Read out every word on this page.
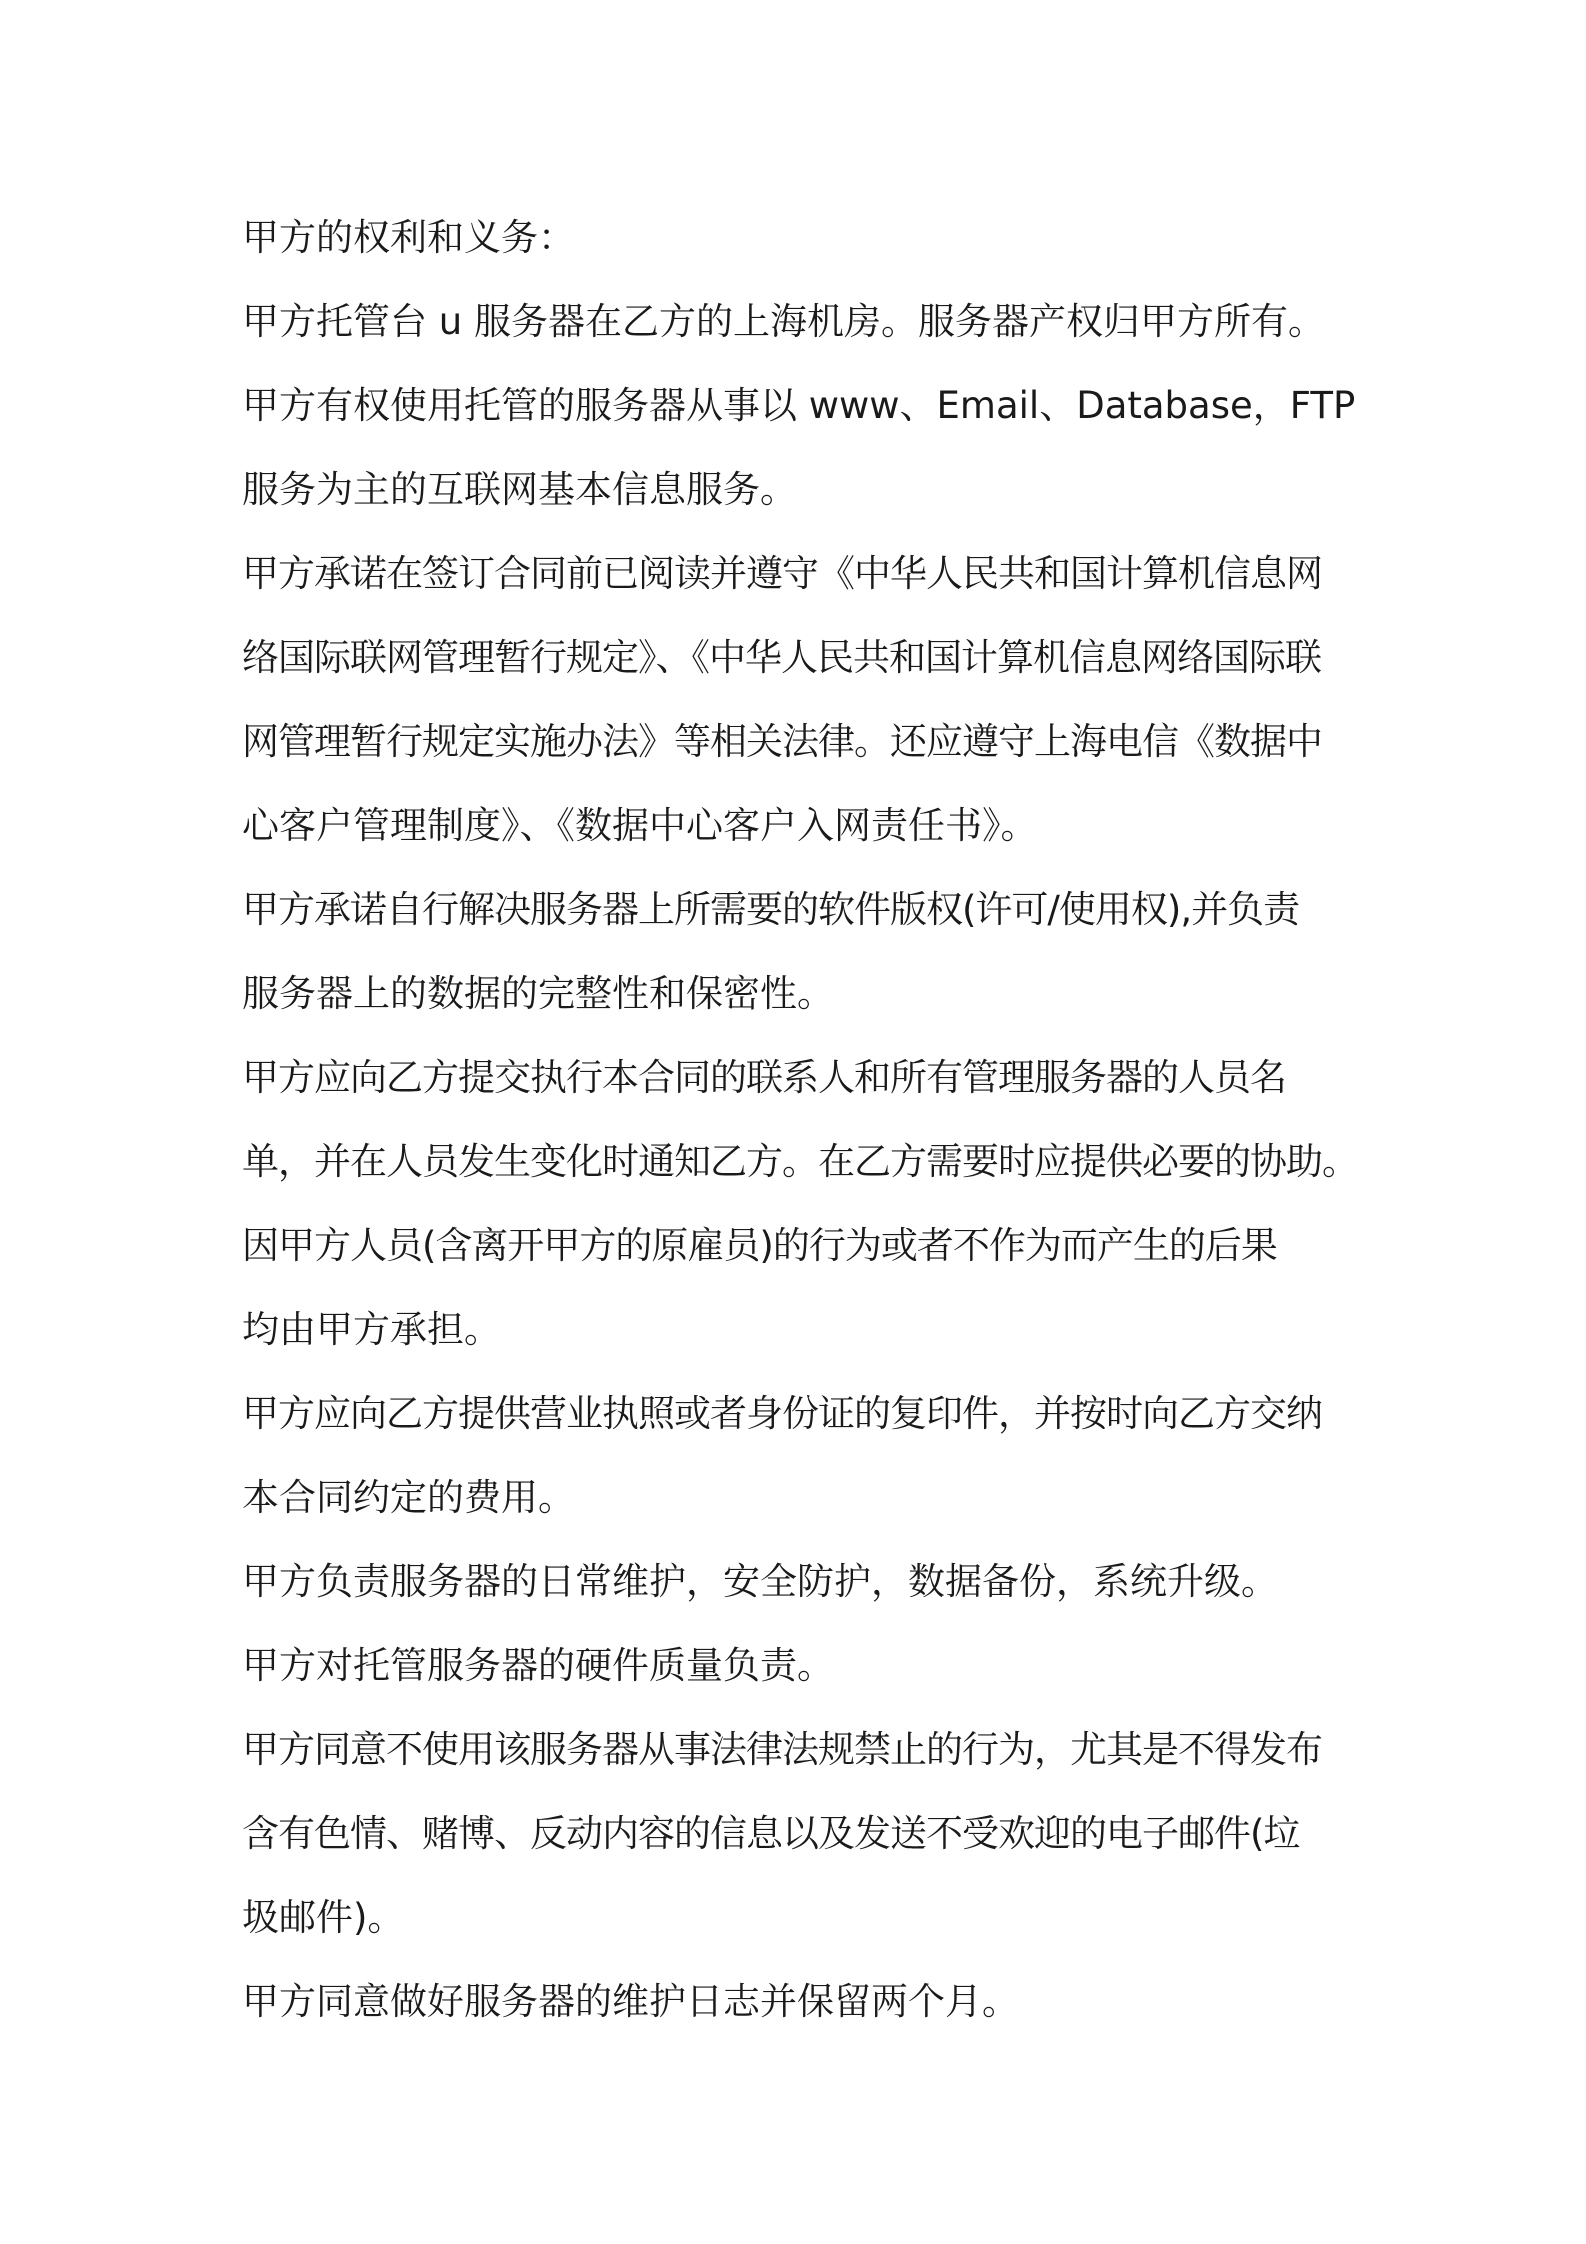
甲方的权利和义务：
甲方托管台 u 服务器在乙方的上海机房。服务器产权归甲方所有。
甲方有权使用托管的服务器从事以 www、Email、Database，FTP
服务为主的互联网基本信息服务。
甲方承诺在签订合同前已阅读并遵守《中华人民共和国计算机信息网
络国际联网管理暂行规定》、《中华人民共和国计算机信息网络国际联
网管理暂行规定实施办法》等相关法律。还应遵守上海电信《数据中
心客户管理制度》、《数据中心客户入网责任书》。
甲方承诺自行解决服务器上所需要的软件版权(许可/使用权),并负责
服务器上的数据的完整性和保密性。
甲方应向乙方提交执行本合同的联系人和所有管理服务器的人员名
单，并在人员发生变化时通知乙方。在乙方需要时应提供必要的协助。
因甲方人员(含离开甲方的原雇员)的行为或者不作为而产生的后果
均由甲方承担。
甲方应向乙方提供营业执照或者身份证的复印件，并按时向乙方交纳
本合同约定的费用。
甲方负责服务器的日常维护，安全防护，数据备份，系统升级。
甲方对托管服务器的硬件质量负责。
甲方同意不使用该服务器从事法律法规禁止的行为，尤其是不得发布
含有色情、赌博、反动内容的信息以及发送不受欢迎的电子邮件(垃
圾邮件)。
甲方同意做好服务器的维护日志并保留两个月。
